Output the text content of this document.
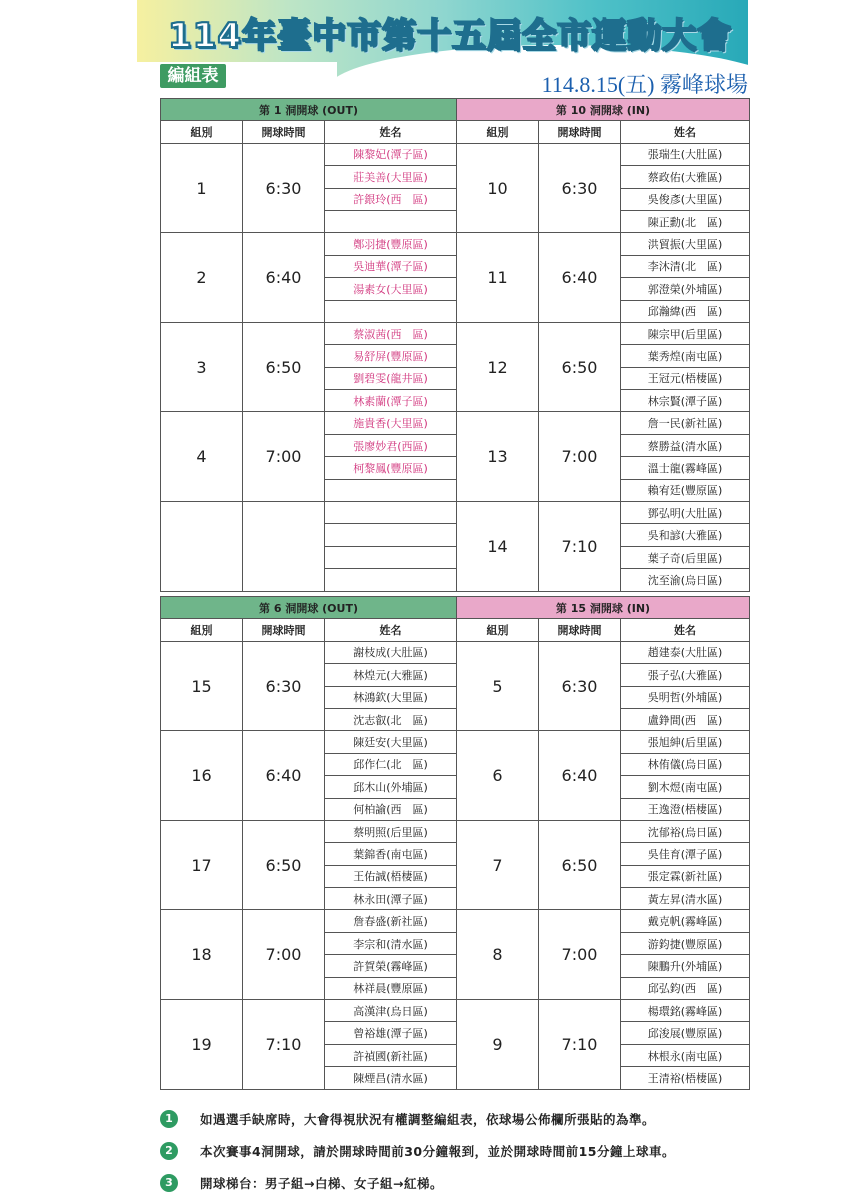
114年臺中市第十五屆全市運動大會
編組表	114.8.15(五) 霧峰球場
第 1 洞開球 (OUT)			第 10 洞開球 (IN)		
組別	開球時間	姓名	組別	開球時間	姓名
1	6:30	陳黎妃(潭子區)	10	6:30	張瑞生(大肚區)
		莊美善(大里區)			蔡政佑(大雅區)
		許銀玲(西　區)			吳俊彥(大里區)
					陳正勳(北　區)
2	6:40	鄭羽捷(豐原區)	11	6:40	洪貿振(大里區)
		吳迪華(潭子區)			李沐清(北　區)
		湯素女(大里區)			郭澄榮(外埔區)
					邱瀚緯(西　區)
3	6:50	蔡淑茜(西　區)	12	6:50	陳宗甲(后里區)
		易舒屏(豐原區)			葉秀煌(南屯區)
		劉碧雯(龍井區)			王冠元(梧棲區)
		林素蘭(潭子區)			林宗賢(潭子區)
4	7:00	施貴香(大里區)	13	7:00	詹一民(新社區)
		張廖妙君(西區)			蔡勝益(清水區)
		柯黎鳳(豐原區)			溫士龍(霧峰區)
					賴宥廷(豐原區)
			14	7:10	鄧弘明(大肚區)
					吳和諺(大雅區)
					葉子奇(后里區)
					沈至渝(烏日區)
第 6 洞開球 (OUT)			第 15 洞開球 (IN)		
組別	開球時間	姓名	組別	開球時間	姓名
15	6:30	謝枝成(大肚區)	5	6:30	趙建泰(大肚區)
		林煌元(大雅區)			張子弘(大雅區)
		林鴻欽(大里區)			吳明哲(外埔區)
		沈志叡(北　區)			盧錚間(西　區)
16	6:40	陳廷安(大里區)	6	6:40	張旭紳(后里區)
		邱作仁(北　區)			林侑儀(烏日區)
		邱木山(外埔區)			劉木煜(南屯區)
		何柏諭(西　區)			王逸澄(梧棲區)
17	6:50	蔡明照(后里區)	7	6:50	沈郁裕(烏日區)
		葉錦香(南屯區)			吳佳育(潭子區)
		王佑誠(梧棲區)			張定霖(新社區)
		林永田(潭子區)			黃左昇(清水區)
18	7:00	詹春盛(新社區)	8	7:00	戴克帆(霧峰區)
		李宗和(清水區)			游鈞捷(豐原區)
		許賀榮(霧峰區)			陳鵬升(外埔區)
		林祥晨(豐原區)			邱弘鈞(西　區)
19	7:10	高漢津(烏日區)	9	7:10	楊環銘(霧峰區)
		曾裕雄(潭子區)			邱浚展(豐原區)
		許禎國(新社區)			林根永(南屯區)
		陳煙昌(清水區)			王清裕(梧棲區)
1	如遇選手缺席時，大會得視狀況有權調整編組表，依球場公佈欄所張貼的為準。
2	本次賽事4洞開球，請於開球時間前30分鐘報到，並於開球時間前15分鐘上球車。
3	開球梯台：男子組→白梯、女子組→紅梯。
